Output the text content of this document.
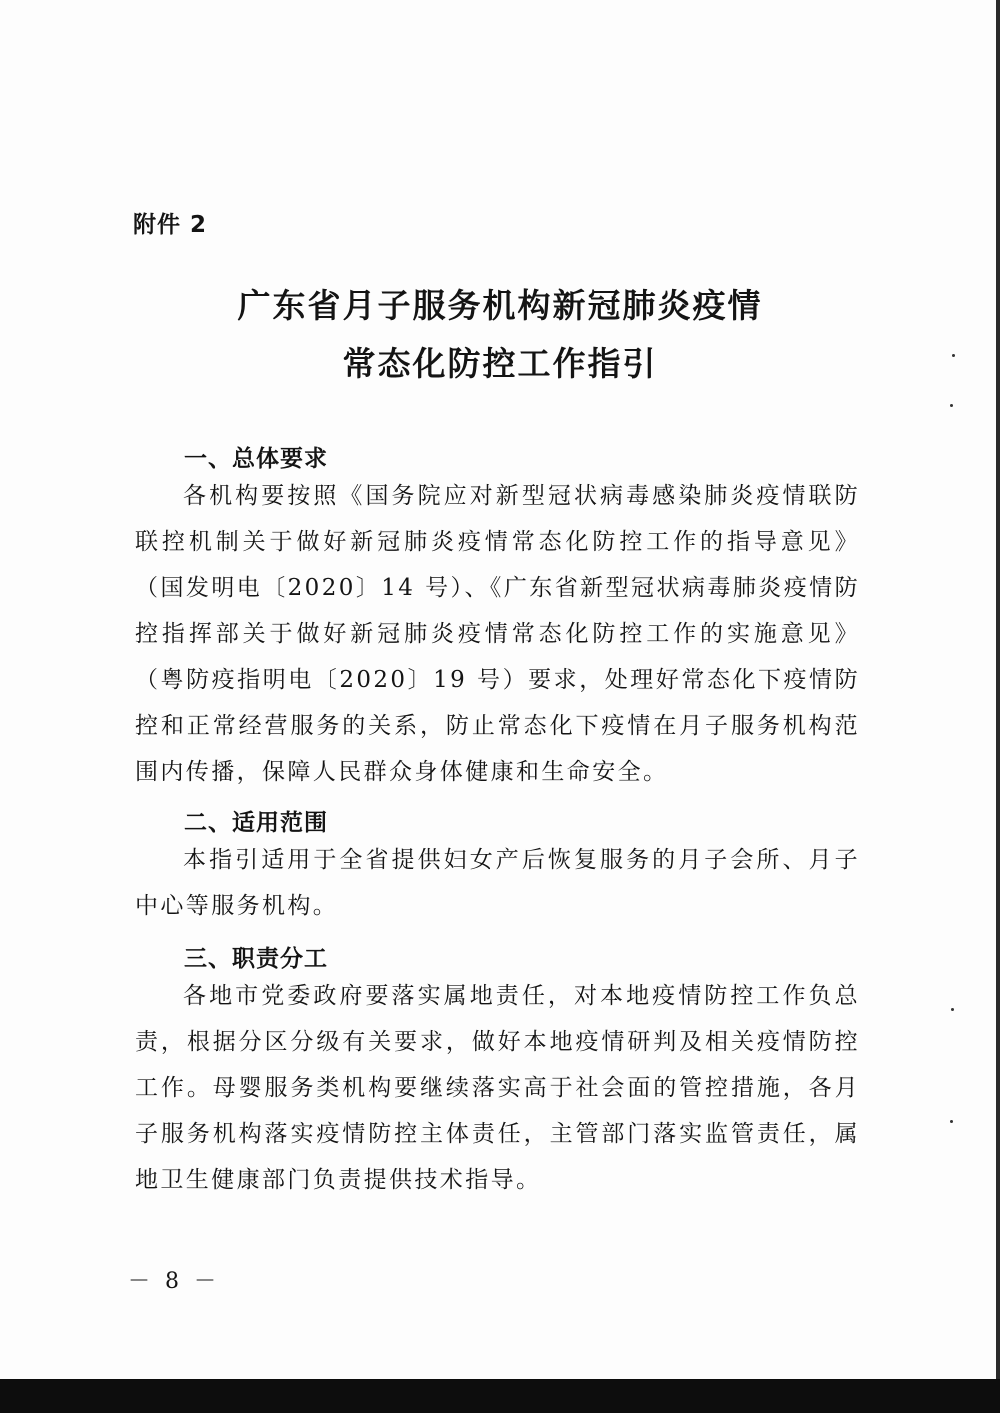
附件 2
广东省月子服务机构新冠肺炎疫情
常态化防控工作指引
一、总体要求

各机构要按照《国务院应对新型冠状病毒感染肺炎疫情联防联控机制关于做好新冠肺炎疫情常态化防控工作的指导意见》（国发明电〔2020〕14 号）、《广东省新型冠状病毒肺炎疫情防控指挥部关于做好新冠肺炎疫情常态化防控工作的实施意见》（粤防疫指明电〔2020〕19 号）要求，处理好常态化下疫情防控和正常经营服务的关系，防止常态化下疫情在月子服务机构范围内传播，保障人民群众身体健康和生命安全。

二、适用范围

本指引适用于全省提供妇女产后恢复服务的月子会所、月子中心等服务机构。

三、职责分工

各地市党委政府要落实属地责任，对本地疫情防控工作负总责，根据分区分级有关要求，做好本地疫情研判及相关疫情防控工作。母婴服务类机构要继续落实高于社会面的管控措施，各月子服务机构落实疫情防控主体责任，主管部门落实监管责任，属地卫生健康部门负责提供技术指导。

－ 8 －
